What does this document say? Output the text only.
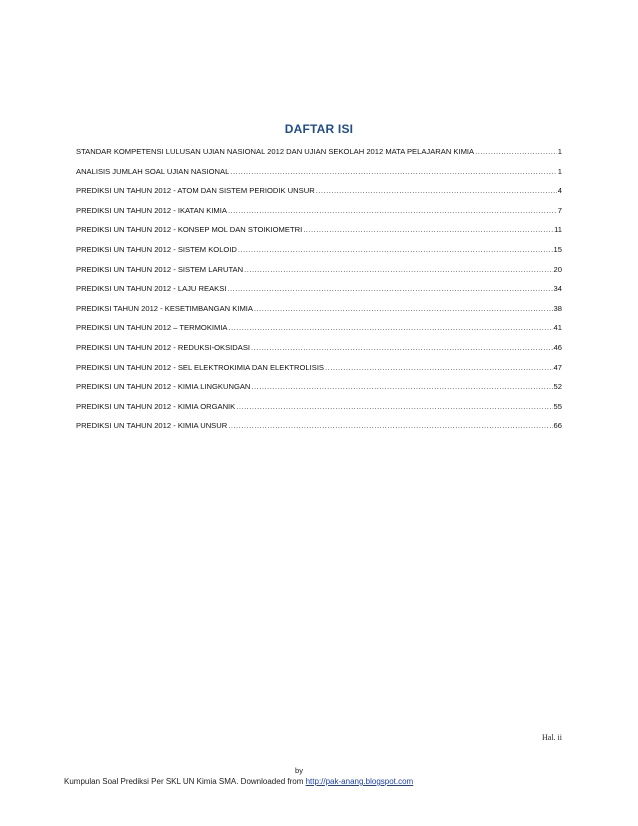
DAFTAR ISI
STANDAR KOMPETENSI LULUSAN UJIAN NASIONAL 2012 DAN UJIAN SEKOLAH 2012 MATA PELAJARAN KIMIA .....	1
ANALISIS JUMLAH SOAL UJIAN NASIONAL .....	1
PREDIKSI UN TAHUN 2012 - ATOM DAN SISTEM PERIODIK UNSUR .....	4
PREDIKSI UN TAHUN 2012 - IKATAN KIMIA .....	7
PREDIKSI UN TAHUN 2012 - KONSEP MOL DAN STOIKIOMETRI .....	11
PREDIKSI UN TAHUN 2012 - SISTEM KOLOID .....	15
PREDIKSI UN TAHUN 2012 - SISTEM LARUTAN .....	20
PREDIKSI UN TAHUN 2012 - LAJU REAKSI .....	34
PREDIKSI TAHUN 2012 - KESETIMBANGAN KIMIA .....	38
PREDIKSI UN TAHUN 2012 – TERMOKIMIA .....	41
PREDIKSI UN TAHUN 2012 - REDUKSI-OKSIDASI .....	46
PREDIKSI UN TAHUN 2012 - SEL ELEKTROKIMIA DAN ELEKTROLISIS .....	47
PREDIKSI UN TAHUN 2012 - KIMIA LINGKUNGAN .....	52
PREDIKSI UN TAHUN 2012 - KIMIA ORGANIK .....	55
PREDIKSI UN TAHUN 2012 - KIMIA UNSUR .....	66
Hal. ii
by
Kumpulan Soal Prediksi Per SKL UN Kimia SMA. Downloaded from http://pak-anang.blogspot.com
